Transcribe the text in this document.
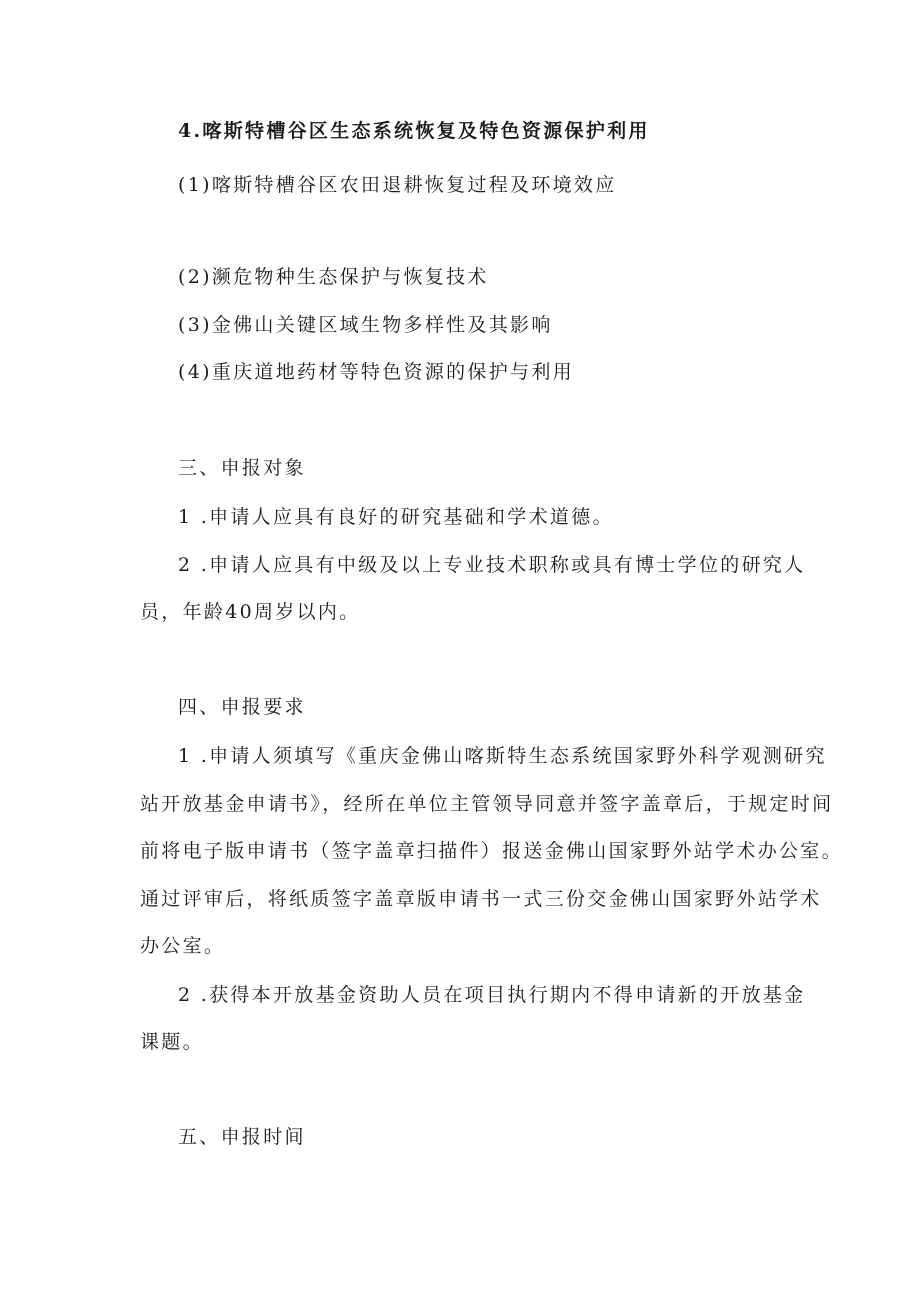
4.喀斯特槽谷区生态系统恢复及特色资源保护利用
(1)喀斯特槽谷区农田退耕恢复过程及环境效应
(2)濒危物种生态保护与恢复技术
(3)金佛山关键区域生物多样性及其影响
(4)重庆道地药材等特色资源的保护与利用
三、申报对象
1 .申请人应具有良好的研究基础和学术道德。
2 .申请人应具有中级及以上专业技术职称或具有博士学位的研究人
员，年龄40周岁以内。
四、申报要求
1 .申请人须填写《重庆金佛山喀斯特生态系统国家野外科学观测研究
站开放基金申请书》，经所在单位主管领导同意并签字盖章后，于规定时间
前将电子版申请书（签字盖章扫描件）报送金佛山国家野外站学术办公室。
通过评审后，将纸质签字盖章版申请书一式三份交金佛山国家野外站学术
办公室。
2 .获得本开放基金资助人员在项目执行期内不得申请新的开放基金
课题。
五、申报时间
